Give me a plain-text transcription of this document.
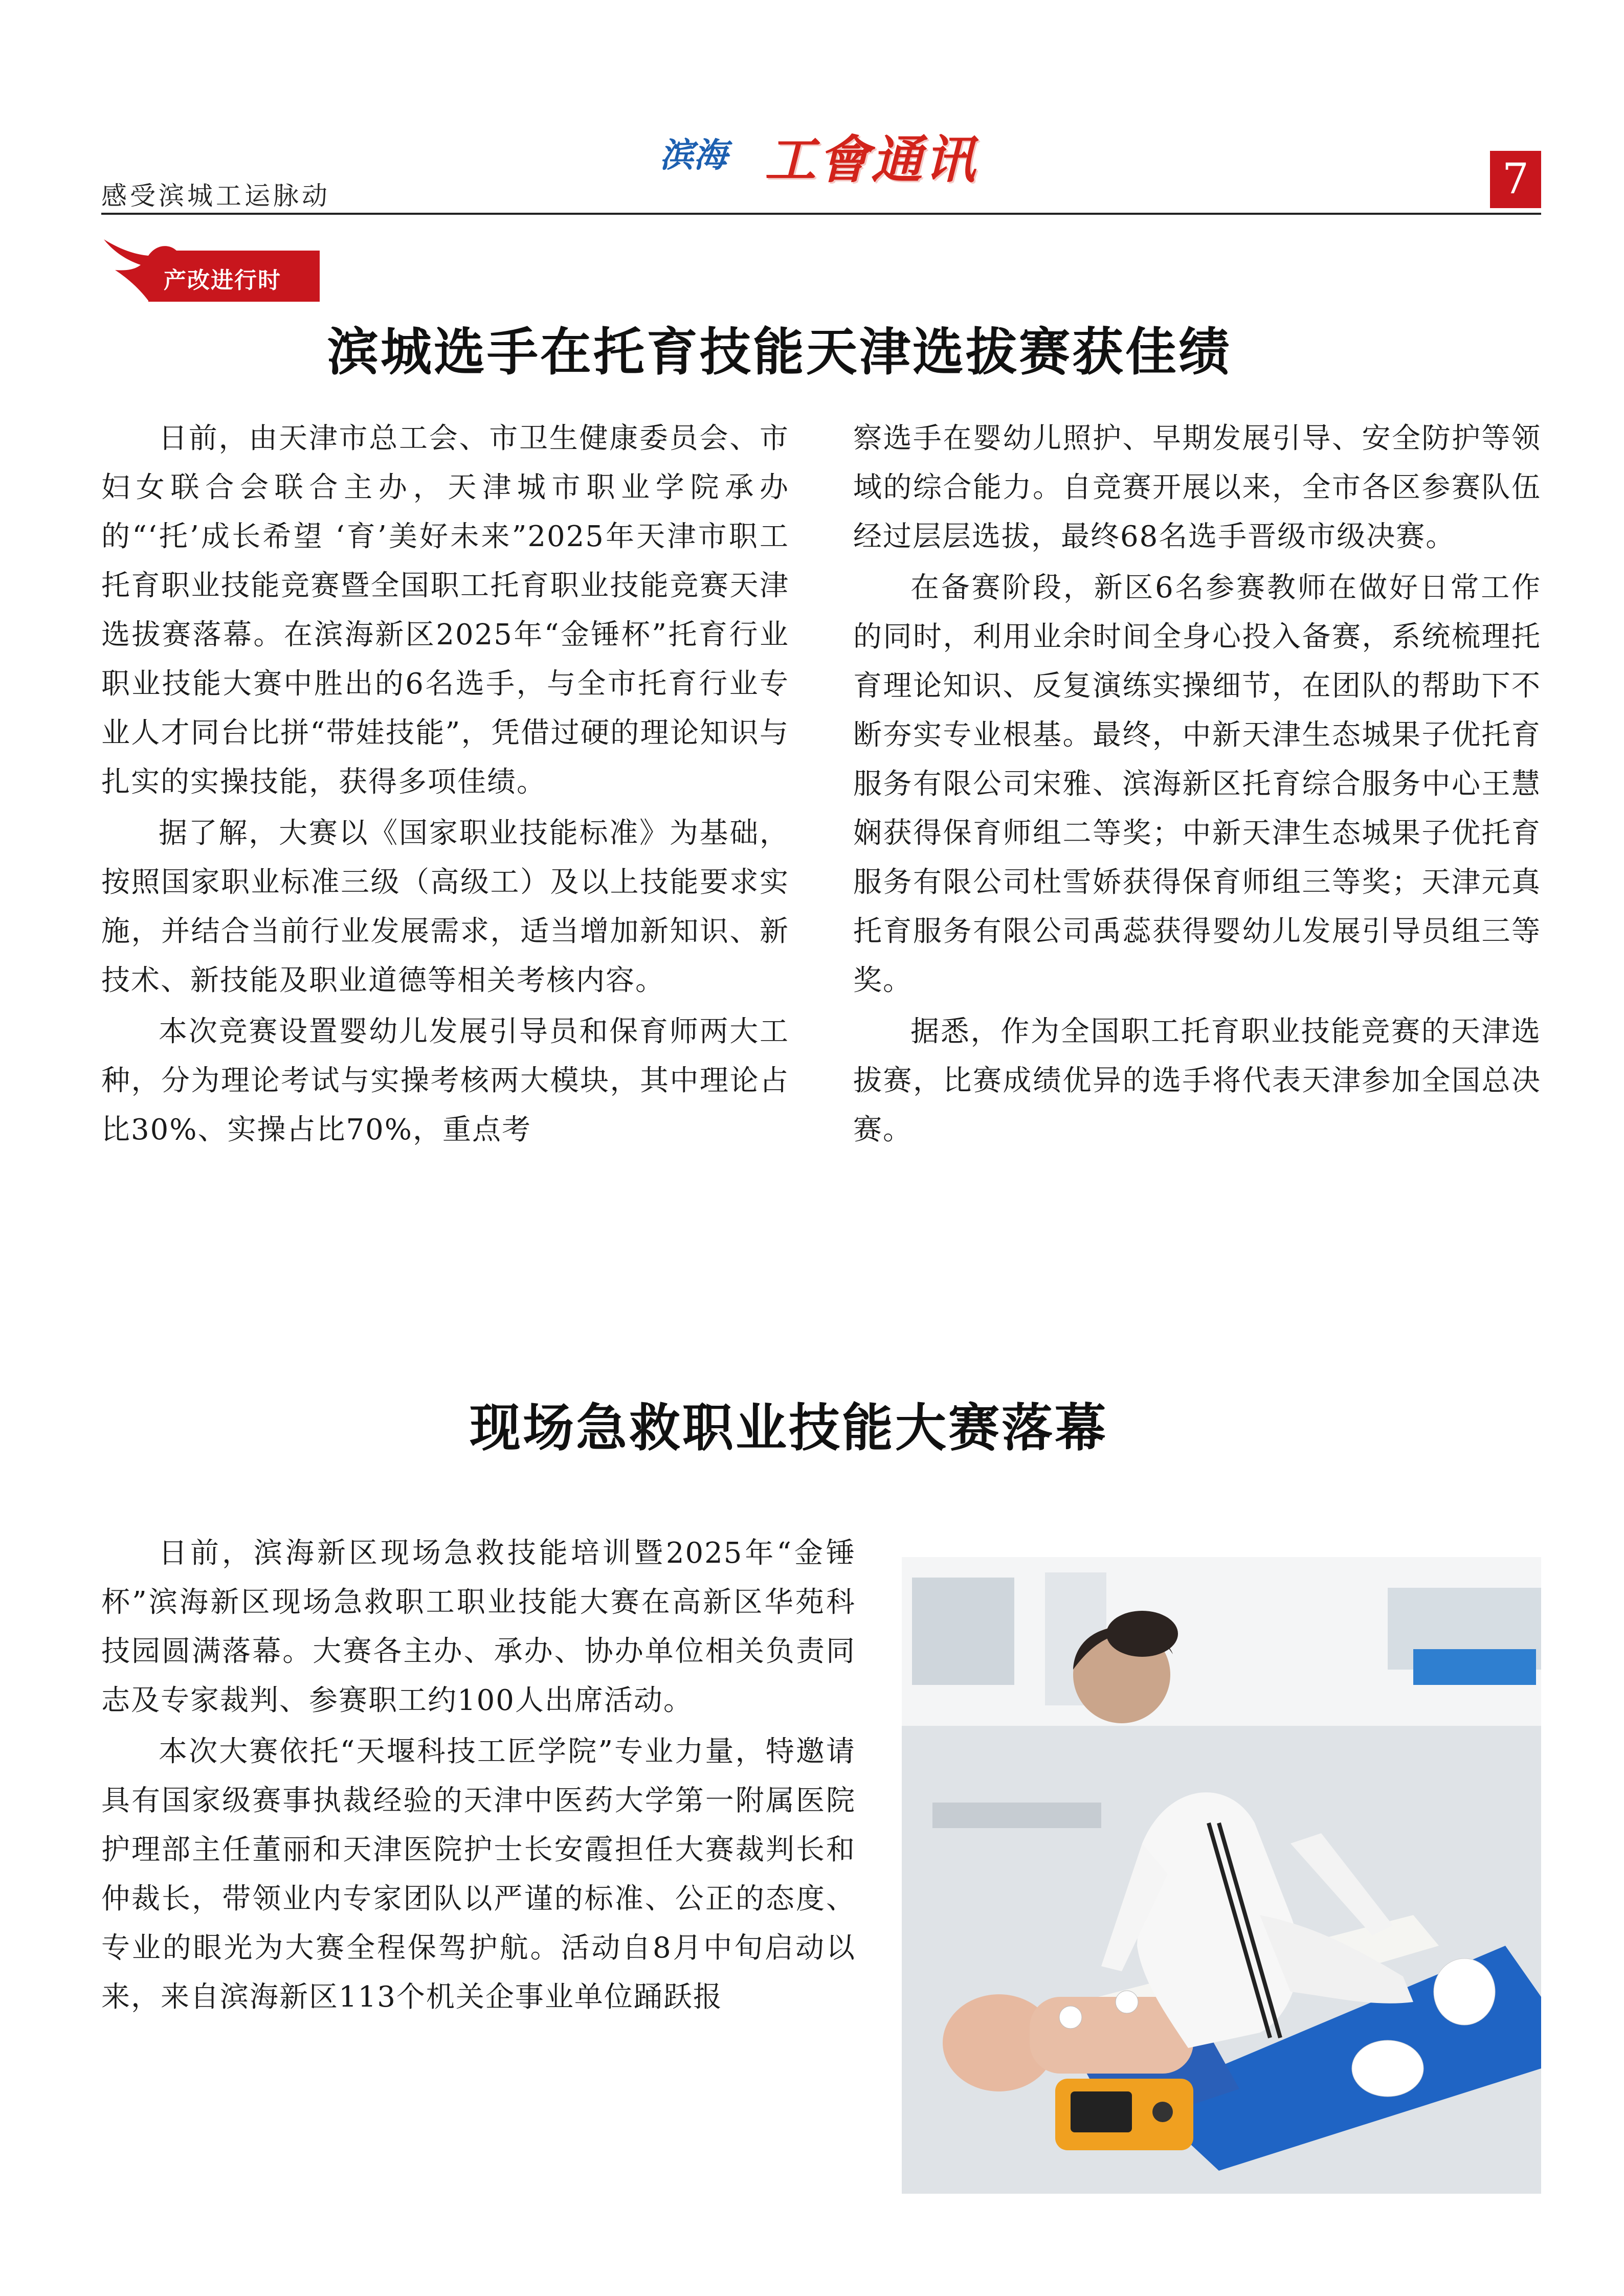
感受滨城工运脉动
滨海 工會通讯	7
产改进行时
滨城选手在托育技能天津选拔赛获佳绩

日前，由天津市总工会、市卫生健康委员会、市妇女联合会联合主办，天津城市职业学院承办的“‘托’成长希望 ‘育’美好未来”2025年天津市职工托育职业技能竞赛暨全国职工托育职业技能竞赛天津选拔赛落幕。在滨海新区2025年“金锤杯”托育行业职业技能大赛中胜出的6名选手，与全市托育行业专业人才同台比拼“带娃技能”，凭借过硬的理论知识与扎实的实操技能，获得多项佳绩。

据了解，大赛以《国家职业技能标准》为基础，按照国家职业标准三级（高级工）及以上技能要求实施，并结合当前行业发展需求，适当增加新知识、新技术、新技能及职业道德等相关考核内容。

本次竞赛设置婴幼儿发展引导员和保育师两大工种，分为理论考试与实操考核两大模块，其中理论占比30%、实操占比70%，重点考

察选手在婴幼儿照护、早期发展引导、安全防护等领域的综合能力。自竞赛开展以来，全市各区参赛队伍经过层层选拔，最终68名选手晋级市级决赛。

在备赛阶段，新区6名参赛教师在做好日常工作的同时，利用业余时间全身心投入备赛，系统梳理托育理论知识、反复演练实操细节，在团队的帮助下不断夯实专业根基。最终，中新天津生态城果子优托育服务有限公司宋雅、滨海新区托育综合服务中心王慧娴获得保育师组二等奖；中新天津生态城果子优托育服务有限公司杜雪娇获得保育师组三等奖；天津元真托育服务有限公司禹蕊获得婴幼儿发展引导员组三等奖。

据悉，作为全国职工托育职业技能竞赛的天津选拔赛，比赛成绩优异的选手将代表天津参加全国总决赛。

现场急救职业技能大赛落幕

日前，滨海新区现场急救技能培训暨2025年“金锤杯”滨海新区现场急救职工职业技能大赛在高新区华苑科技园圆满落幕。大赛各主办、承办、协办单位相关负责同志及专家裁判、参赛职工约100人出席活动。

本次大赛依托“天堰科技工匠学院”专业力量，特邀请具有国家级赛事执裁经验的天津中医药大学第一附属医院护理部主任董丽和天津医院护士长安霞担任大赛裁判长和仲裁长，带领业内专家团队以严谨的标准、公正的态度、专业的眼光为大赛全程保驾护航。活动自8月中旬启动以来，来自滨海新区113个机关企事业单位踊跃报
